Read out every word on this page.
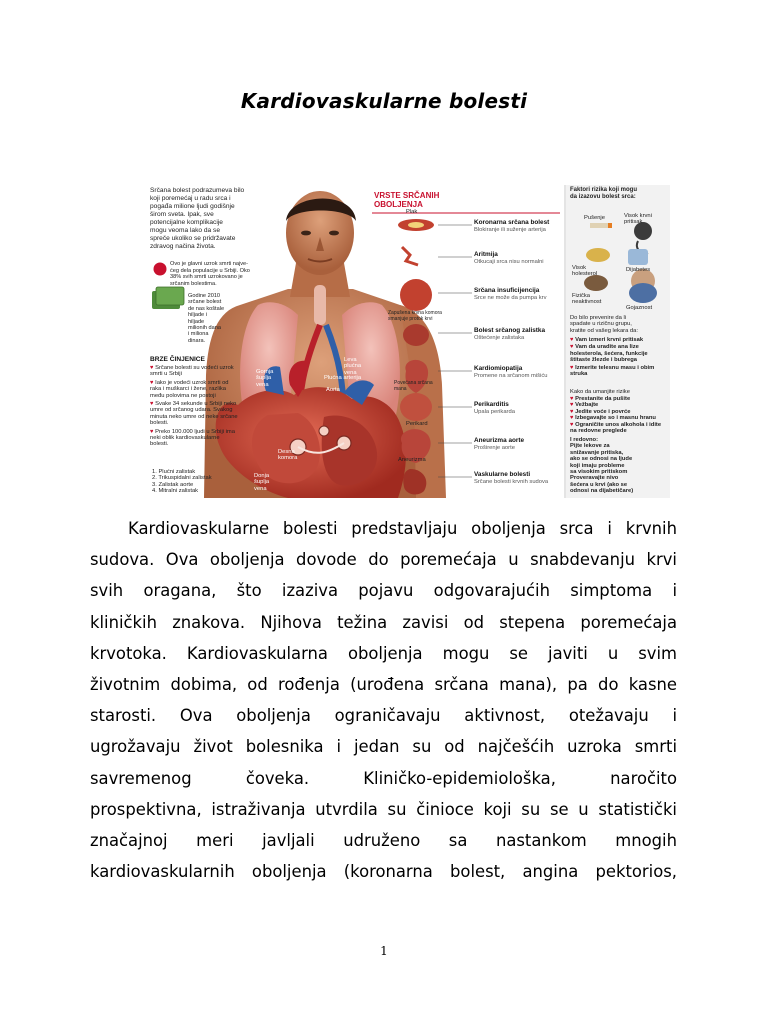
Kardiovaskularne bolesti
Srčana bolest podrazumeva bilo
koji poremećaj u radu srca i
pogađa milione ljudi godišnje
širom sveta. Ipak, sve
potencijalne komplikacije
mogu veoma lako da se
spreče ukoliko se pridržavate
zdravog načina života.
Ovo je glavni uzrok smrti najve-
ćeg dela populacije u Srbiji. Oko
38% svih smrti uzrokovano je
srčanim bolestima.
Godine 2010
srčane bolest
de nas koštale
hiljade i
hiljade
milionih dana
i miliona
dinara.
BRZE ČINJENICE
♥ Srčane bolesti su vodeći uzrok smrti u Srbiji
♥ Iako je vodeći uzrok smrti od raka i muškarci i žene, razlika među polovima ne postoji
♥ Svake 34 sekunde u Srbiji neko umre od srčanog udara. Svakog minuta neko umre od neke srčane bolesti.
♥ Preko 100.000 ljudi u Srbiji ima neki oblik kardiovaskularne bolesti.
1. Plućni zalistak
2. Trikuspidalni zalistak
3. Zalistak aorte
4. Mitralni zalistak
Leva
plućna
vena
Aorta
Desna
komora
Donja
šuplja
vena
Gornja
šuplja
vena
Plućna arterija
VRSTE SRČANIH
OBOLJENJA
Plak
Zapušena krvna komora smanjuje protok krvi
Povećana srčana mana
Perikard
Aneurizma
Koronarna srčana bolest
Blokiranje ili suženje arterija
Aritmija
Otkucaji srca nisu normalni
Srčana insuficijencija
Srce ne može da pumpa krv
Bolest srčanog zalistka
Oštećenje zalistaka
Kardiomiopatija
Promene na srčanom mišiću
Perikarditis
Upala perikarda
Aneurizma aorte
Proširenje aorte
Vaskularne bolesti
Srčane bolesti krvnih sudova
Faktori rizika koji mogu
da izazovu bolest srca:
Pušenje	Visok krvni pritisak
Visok holesterol
Dijabetes
Fizička neaktivnost
Gojaznost
Do bilo prevenire da li
spadate u rizičnu grupu,
kratite od vašeg lekara da:
♥ Vam izmeri krvni pritisak
♥ Vam da uradite ana lize holesterola, šećera, funkcije štitaste žlezde i bubrega
♥ Izmerite telesnu masu i obim struka
Kako da umanjite rizike
♥ Prestanite da pušite
♥ Vežbajte
♥ Jedite voće i povrće
♥ Izbegavajte so i masnu hranu
♥ Ograničite unos alkohola i idite na redovne preglede
I redovno:
Pijte lekove za
snižavanje pritiska,
ako se odnosi na ljude
koji imaju probleme
sa visokim pritiskom
Proveravajte nivo
šećera u krvi (ako se
odnosi na dijabetičare)
Kardiovaskularne bolesti predstavljaju oboljenja srca i krvnih
sudova. Ova oboljenja dovode do poremećaja u snabdevanju krvi
svih oragana, što izaziva pojavu odgovarajućih simptoma i
kliničkih znakova. Njihova težina zavisi od stepena poremećaja
krvotoka. Kardiovaskularna oboljenja mogu se javiti u svim
životnim dobima, od rođenja (urođena srčana mana), pa do kasne
starosti. Ova oboljenja ograničavaju aktivnost, otežavaju i
ugrožavaju život bolesnika i jedan su od najčešćih uzroka smrti
savremenog čoveka. Kliničko-epidemiološka, naročito
prospektivna, istraživanja utvrdila su činioce koji su se u statistički
značajnoj meri javljali udruženo sa nastankom mnogih
kardiovaskularnih oboljenja (koronarna bolest, angina pektorios,
1
